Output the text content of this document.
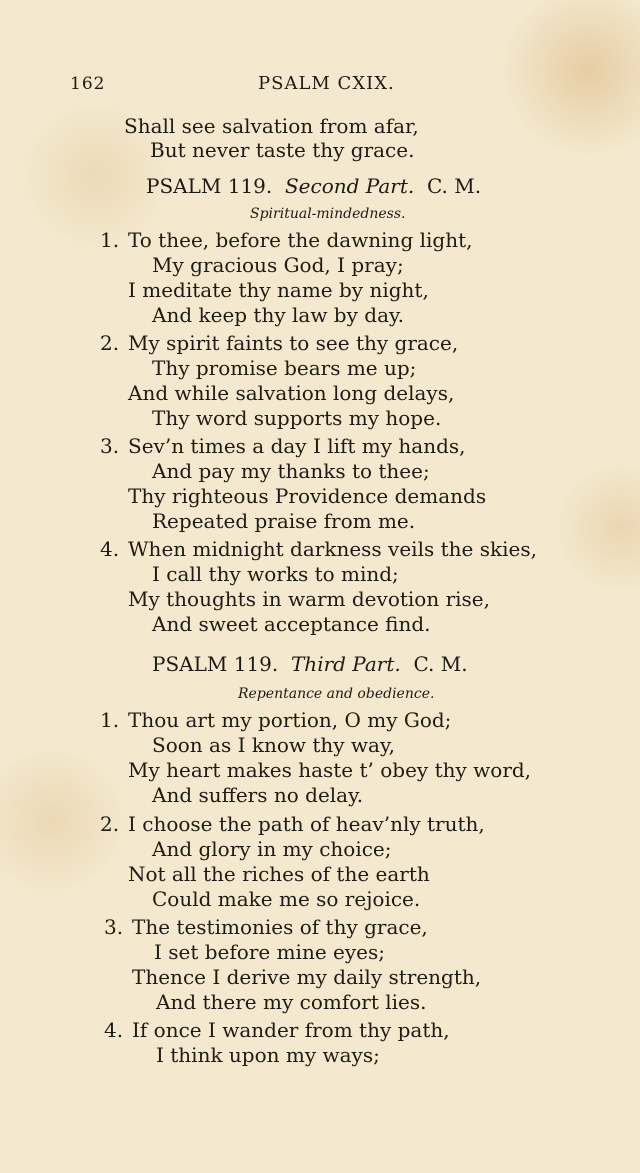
162	PSALM CXIX.
Shall see salvation from afar,
But never taste thy grace.
PSALM 119. Second Part. C. M.
Spiritual-mindedness.
1. To thee, before the dawning light,
My gracious God, I pray;
I meditate thy name by night,
And keep thy law by day.
2. My spirit faints to see thy grace,
Thy promise bears me up;
And while salvation long delays,
Thy word supports my hope.
3. Sev’n times a day I lift my hands,
And pay my thanks to thee;
Thy righteous Providence demands
Repeated praise from me.
4. When midnight darkness veils the skies,
I call thy works to mind;
My thoughts in warm devotion rise,
And sweet acceptance find.
PSALM 119. Third Part. C. M.
Repentance and obedience.
1. Thou art my portion, O my God;
Soon as I know thy way,
My heart makes haste t’ obey thy word,
And suffers no delay.
2. I choose the path of heav’nly truth,
And glory in my choice;
Not all the riches of the earth
Could make me so rejoice.
3. The testimonies of thy grace,
I set before mine eyes;
Thence I derive my daily strength,
And there my comfort lies.
4. If once I wander from thy path,
I think upon my ways;
